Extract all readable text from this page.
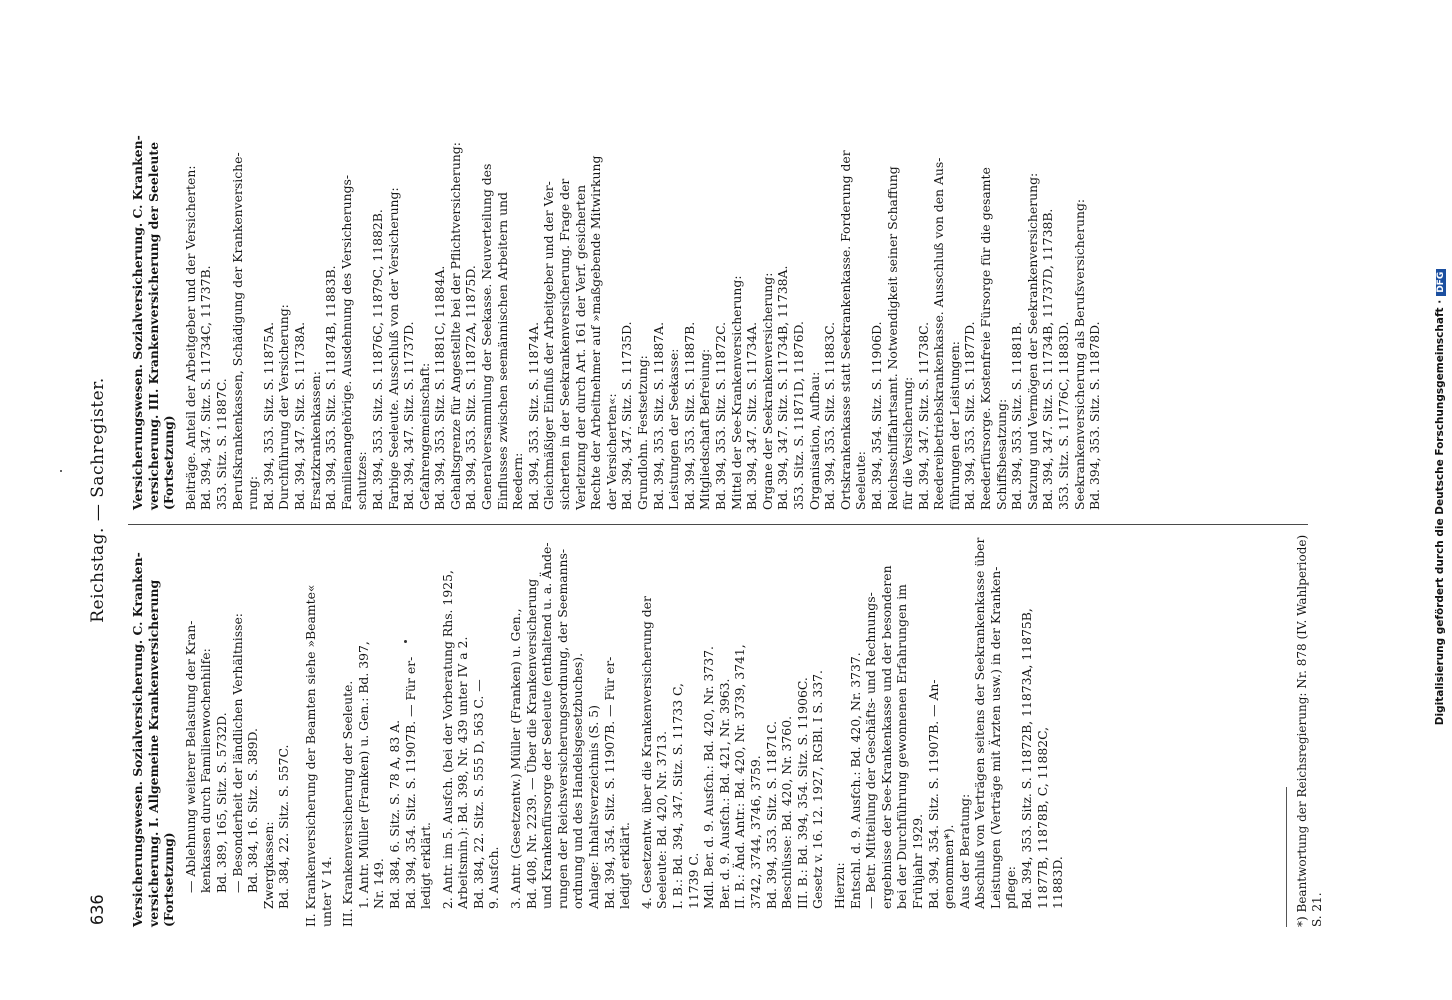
636
Reichstag. — Sachregister.

Versicherungswesen. Sozialversicherung. C. Kranken-
versicherung. I. Allgemeine Krankenversicherung
(Fortsetzung) — Ablehnung weiterer Belastung der Kran-
kenkassen durch Familienwochenhilfe:
Bd. 389, 165, Sitz. S. 5732D.

— Besonderheit der ländlichen Verhältnisse:
Bd. 384, 16. Sitz. S. 389D.

Zwergkassen:
Bd. 384, 22. Sitz. S. 557C.

II. Krankenversicherung der Beamten siehe »Beamte«
unter V 14. III. Krankenversicherung der Seeleute. 1. Antr. Müller (Franken) u. Gen.: Bd. 397,
Nr. 149.
Bd. 384, 6. Sitz. S. 78 A, 83 A.
Bd. 394, 354. Sitz. S. 11907B. — Für er-
ledigt erklärt.

2. Antr. im 5. Ausfch. (bei der Vorberatung Rhs. 1925,
Arbeitsmin.): Bd. 398, Nr. 439 unter IV a 2.
Bd. 384, 22. Sitz. S. 555 D, 563 C. —
9. Ausfch.

3. Antr. (Gesetzentw.) Müller (Franken) u. Gen.,
Bd. 408, Nr. 2239. — Über die Krankenversicherung
und Krankenfürsorge der Seeleute (enthaltend u. a. Ände-
rungen der Reichsversicherungsordnung, der Seemanns-
ordnung und des Handelsgesetzbuches).
Anlage: Inhaltsverzeichnis (S. 5)
Bd. 394, 354. Sitz. S. 11907B. — Für er-
ledigt erklärt.

4. Gesetzentw. über die Krankenversicherung der
Seeleute: Bd. 420, Nr. 3713.
I. B.: Bd. 394, 347. Sitz. S. 11733 C,
11739 C.
Mdl. Ber. d. 9. Ausfch.: Bd. 420, Nr. 3737.
Ber. d. 9. Ausfch.: Bd. 421, Nr. 3963.
II. B.: Änd. Antr.: Bd. 420, Nr. 3739, 3741,
3742, 3744, 3746, 3759.
Bd. 394, 353. Sitz. S. 11871C.
Beschlüsse: Bd. 420, Nr. 3760.
III. B.: Bd. 394, 354. Sitz. S. 11906C.
Gesetz v. 16. 12. 1927, RGBl. I S. 337.

Hierzu:
Entschl. d. 9. Ausfch.: Bd. 420, Nr. 3737.
— Betr. Mitteilung der Geschäfts- und Rechnungs-
ergebnisse der See-Krankenkasse und der besonderen
bei der Durchführung gewonnenen Erfahrungen im
Frühjahr 1929.
Bd. 394, 354. Sitz. S. 11907B. — An-
genommen*).
Aus der Beratung:
Abschluß von Verträgen seitens der Seekrankenkasse über
Leistungen (Verträge mit Ärzten usw.) in der Kranken-
pflege:
Bd. 394, 353. Sitz. S. 11872B, 11873A, 11875B,
11877B, 11878B, C, 11882C,
11883D.

*) Beantwortung der Reichsregierung: Nr. 878 (IV. Wahlperiode)
S. 21.

Versicherungswesen. Sozialversicherung. C. Kranken-
versicherung. III. Krankenversicherung der Seeleute
(Fortsetzung) Beiträge. Anteil der Arbeitgeber und der Versicherten:
Bd. 394, 347. Sitz. S. 11734C, 11737B.
353. Sitz. S. 11887C. Berufskrankenkassen, Schädigung der Krankenversiche-
rung:
Bd. 394, 353. Sitz. S. 11875A.

Durchführung der Versicherung:
Bd. 394, 347. Sitz. S. 11738A.

Ersatzkrankenkassen:
Bd. 394, 353. Sitz. S. 11874B, 11883B.

Familienangehörige. Ausdehnung des Versicherungs-
schutzes:
Bd. 394, 353. Sitz. S. 11876C, 11879C, 11882B.

Farbige Seeleute. Ausschluß von der Versicherung:
Bd. 394, 347. Sitz. S. 11737D.

Gefahrengemeinschaft:
Bd. 394, 353. Sitz. S. 11881C, 11884A.

Gehaltsgrenze für Angestellte bei der Pflichtversicherung:
Bd. 394, 353. Sitz. S. 11872A, 11875D.

Generalversammlung der Seekasse. Neuverteilung des
Einflusses zwischen seemännischen Arbeitern und
Reedern:
Bd. 394, 353. Sitz. S. 11874A.

Gleichmäßiger Einfluß der Arbeitgeber und der Ver-
sicherten in der Seekrankenversicherung. Frage der
Verletzung der durch Art. 161 der Verf. gesicherten
Rechte der Arbeitnehmer auf »maßgebende Mitwirkung
der Versicherten«:
Bd. 394, 347. Sitz. S. 11735D.

Grundlohn. Festsetzung:
Bd. 394, 353. Sitz. S. 11887A.

Leistungen der Seekasse:
Bd. 394, 353. Sitz. S. 11887B.

Mitgliedschaft Befreiung:
Bd. 394, 353. Sitz. S. 11872C.

Mittel der See-Krankenversicherung:
Bd. 394, 347. Sitz. S. 11734A.

Organe der Seekrankenversicherung:
Bd. 394, 347. Sitz. S. 11734B, 11738A.
353. Sitz. S. 11871D, 11876D.

Organisation, Aufbau:
Bd. 394, 353. Sitz. S. 11883C.

Ortskrankenkasse statt Seekrankenkasse. Forderung der
Seeleute:
Bd. 394, 354. Sitz. S. 11906D.

Reichsschiffahrtsamt. Notwendigkeit seiner Schaffung
für die Versicherung:
Bd. 394, 347. Sitz. S. 11738C. Reedereibetriebskrankenkasse. Ausschluß von den Aus-
führungen der Leistungen:
Bd. 394, 353. Sitz. S. 11877D.

Reederfürsorge. Kostenfreie Fürsorge für die gesamte
Schiffsbesatzung:
Bd. 394, 353. Sitz. S. 11881B.

Satzung und Vermögen der Seekrankenversicherung:
Bd. 394, 347. Sitz. S. 11734B, 11737D, 11738B.
353. Sitz. S. 11776C, 11883D.

Seekrankenversicherung als Berufsversicherung:
Bd. 394, 353. Sitz. S. 11878D.	Digitalisierung gefördert durch die Deutsche Forschungsgemeinschaft ·DFG
